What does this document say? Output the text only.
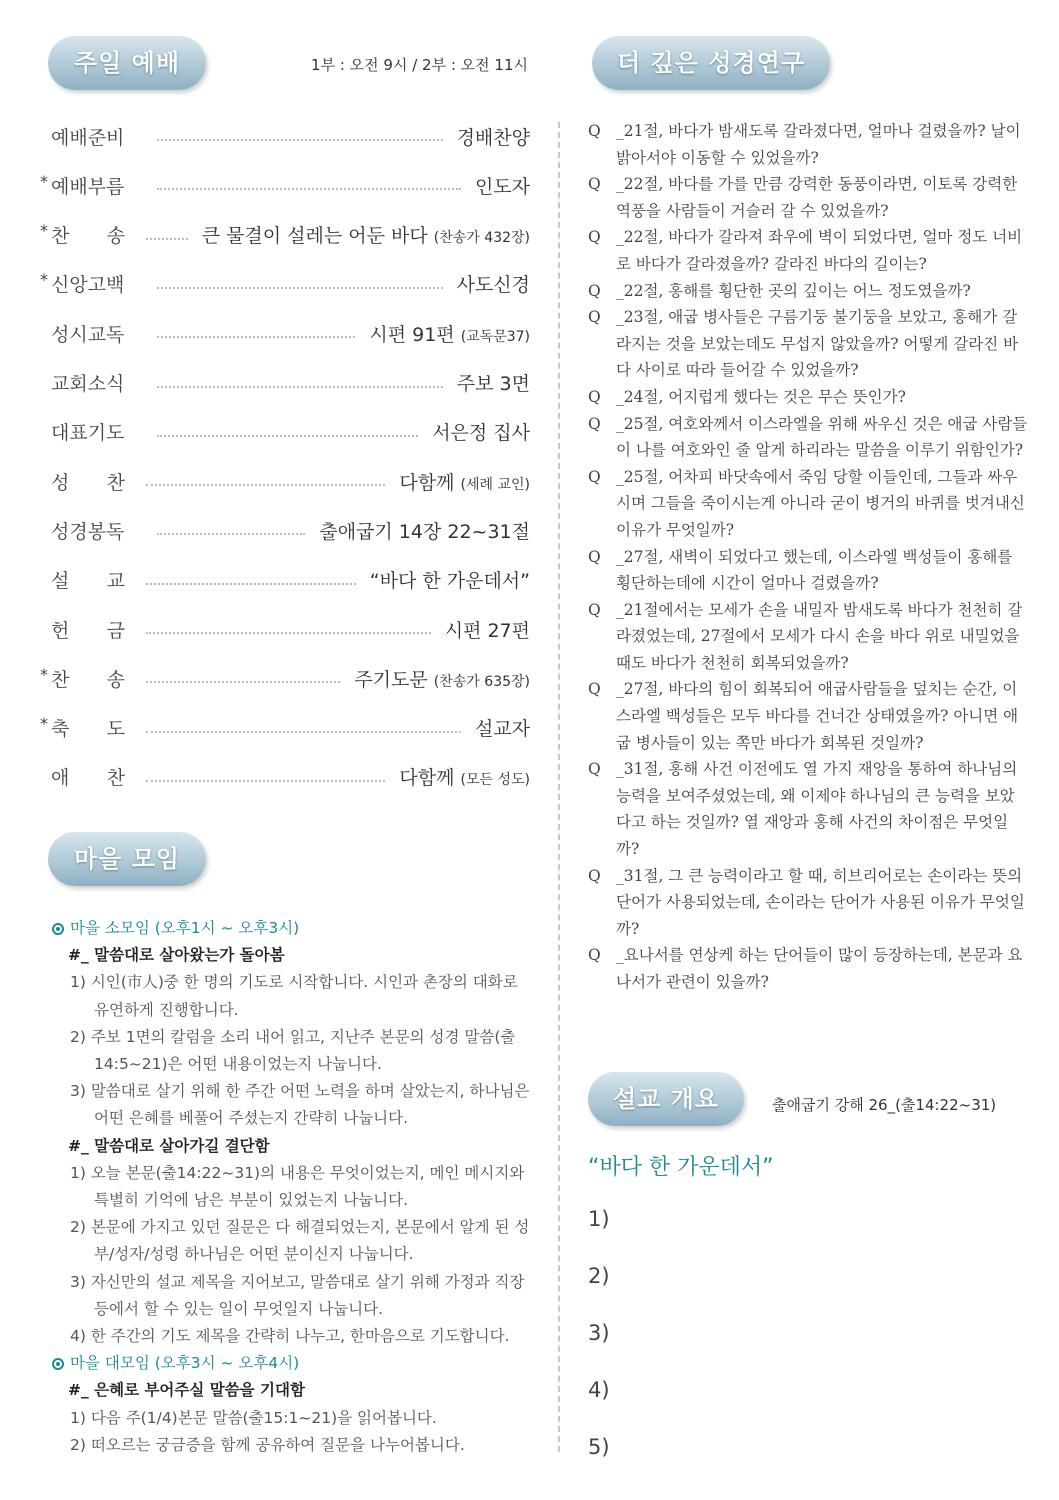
주일 예배	1부 : 오전 9시 / 2부 : 오전 11시
예배준비	경배찬양
* 예배부름	인도자
* 찬 송	큰 물결이 설레는 어둔 바다 (찬송가 432장)
* 신앙고백	사도신경
성시교독	시편 91편 (교독문37)
교회소식	주보 3면
대표기도	서은정 집사
성 찬	다함께 (세례 교인)
성경봉독	출애굽기 14장 22~31절
설 교	“바다 한 가운데서”
헌 금	시편 27편
* 찬 송	주기도문 (찬송가 635장)
* 축 도	설교자
애 찬	다함께 (모든 성도)
마을 모임
마을 소모임 (오후1시 ~ 오후3시)
#_ 말씀대로 살아왔는가 돌아봄
1) 시인(市人)중 한 명의 기도로 시작합니다. 시인과 촌장의 대화로 유연하게 진행합니다.
2) 주보 1면의 칼럼을 소리 내어 읽고, 지난주 본문의 성경 말씀(출14:5~21)은 어떤 내용이었는지 나눕니다.
3) 말씀대로 살기 위해 한 주간 어떤 노력을 하며 살았는지, 하나님은 어떤 은혜를 베풀어 주셨는지 간략히 나눕니다.
#_ 말씀대로 살아가길 결단함
1) 오늘 본문(출14:22~31)의 내용은 무엇이었는지, 메인 메시지와 특별히 기억에 남은 부분이 있었는지 나눕니다.
2) 본문에 가지고 있던 질문은 다 해결되었는지, 본문에서 알게 된 성부/성자/성령 하나님은 어떤 분이신지 나눕니다.
3) 자신만의 설교 제목을 지어보고, 말씀대로 살기 위해 가정과 직장 등에서 할 수 있는 일이 무엇일지 나눕니다.
4) 한 주간의 기도 제목을 간략히 나누고, 한마음으로 기도합니다.
마을 대모임 (오후3시 ~ 오후4시)
#_ 은혜로 부어주실 말씀을 기대함
1) 다음 주(1/4)본문 말씀(출15:1~21)을 읽어봅니다.
2) 떠오르는 궁금증을 함께 공유하여 질문을 나누어봅니다.
더 깊은 성경연구
Q _21절, 바다가 밤새도록 갈라졌다면, 얼마나 걸렸을까? 날이 밝아서야 이동할 수 있었을까?
Q _22절, 바다를 가를 만큼 강력한 동풍이라면, 이토록 강력한 역풍을 사람들이 거슬러 갈 수 있었을까?
Q _22절, 바다가 갈라져 좌우에 벽이 되었다면, 얼마 정도 너비로 바다가 갈라졌을까? 갈라진 바다의 길이는?
Q _22절, 홍해를 횡단한 곳의 깊이는 어느 정도였을까?
Q _23절, 애굽 병사들은 구름기둥 불기둥을 보았고, 홍해가 갈라지는 것을 보았는데도 무섭지 않았을까? 어떻게 갈라진 바다 사이로 따라 들어갈 수 있었을까?
Q _24절, 어지럽게 했다는 것은 무슨 뜻인가?
Q _25절, 여호와께서 이스라엘을 위해 싸우신 것은 애굽 사람들이 나를 여호와인 줄 알게 하리라는 말씀을 이루기 위함인가?
Q _25절, 어차피 바닷속에서 죽임 당할 이들인데, 그들과 싸우시며 그들을 죽이시는게 아니라 굳이 병거의 바퀴를 벗겨내신 이유가 무엇일까?
Q _27절, 새벽이 되었다고 했는데, 이스라엘 백성들이 홍해를 횡단하는데에 시간이 얼마나 걸렸을까?
Q _21절에서는 모세가 손을 내밀자 밤새도록 바다가 천천히 갈라졌었는데, 27절에서 모세가 다시 손을 바다 위로 내밀었을 때도 바다가 천천히 회복되었을까?
Q _27절, 바다의 힘이 회복되어 애굽사람들을 덮치는 순간, 이스라엘 백성들은 모두 바다를 건너간 상태였을까? 아니면 애굽 병사들이 있는 쪽만 바다가 회복된 것일까?
Q _31절, 홍해 사건 이전에도 열 가지 재앙을 통하여 하나님의 능력을 보여주셨었는데, 왜 이제야 하나님의 큰 능력을 보았다고 하는 것일까? 열 재앙과 홍해 사건의 차이점은 무엇일까?
Q _31절, 그 큰 능력이라고 할 때, 히브리어로는 손이라는 뜻의 단어가 사용되었는데, 손이라는 단어가 사용된 이유가 무엇일까?
Q _요나서를 연상케 하는 단어들이 많이 등장하는데, 본문과 요나서가 관련이 있을까?
설교 개요	출애굽기 강해 26_(출14:22~31)
“바다 한 가운데서”
1)
2)
3)
4)
5)
